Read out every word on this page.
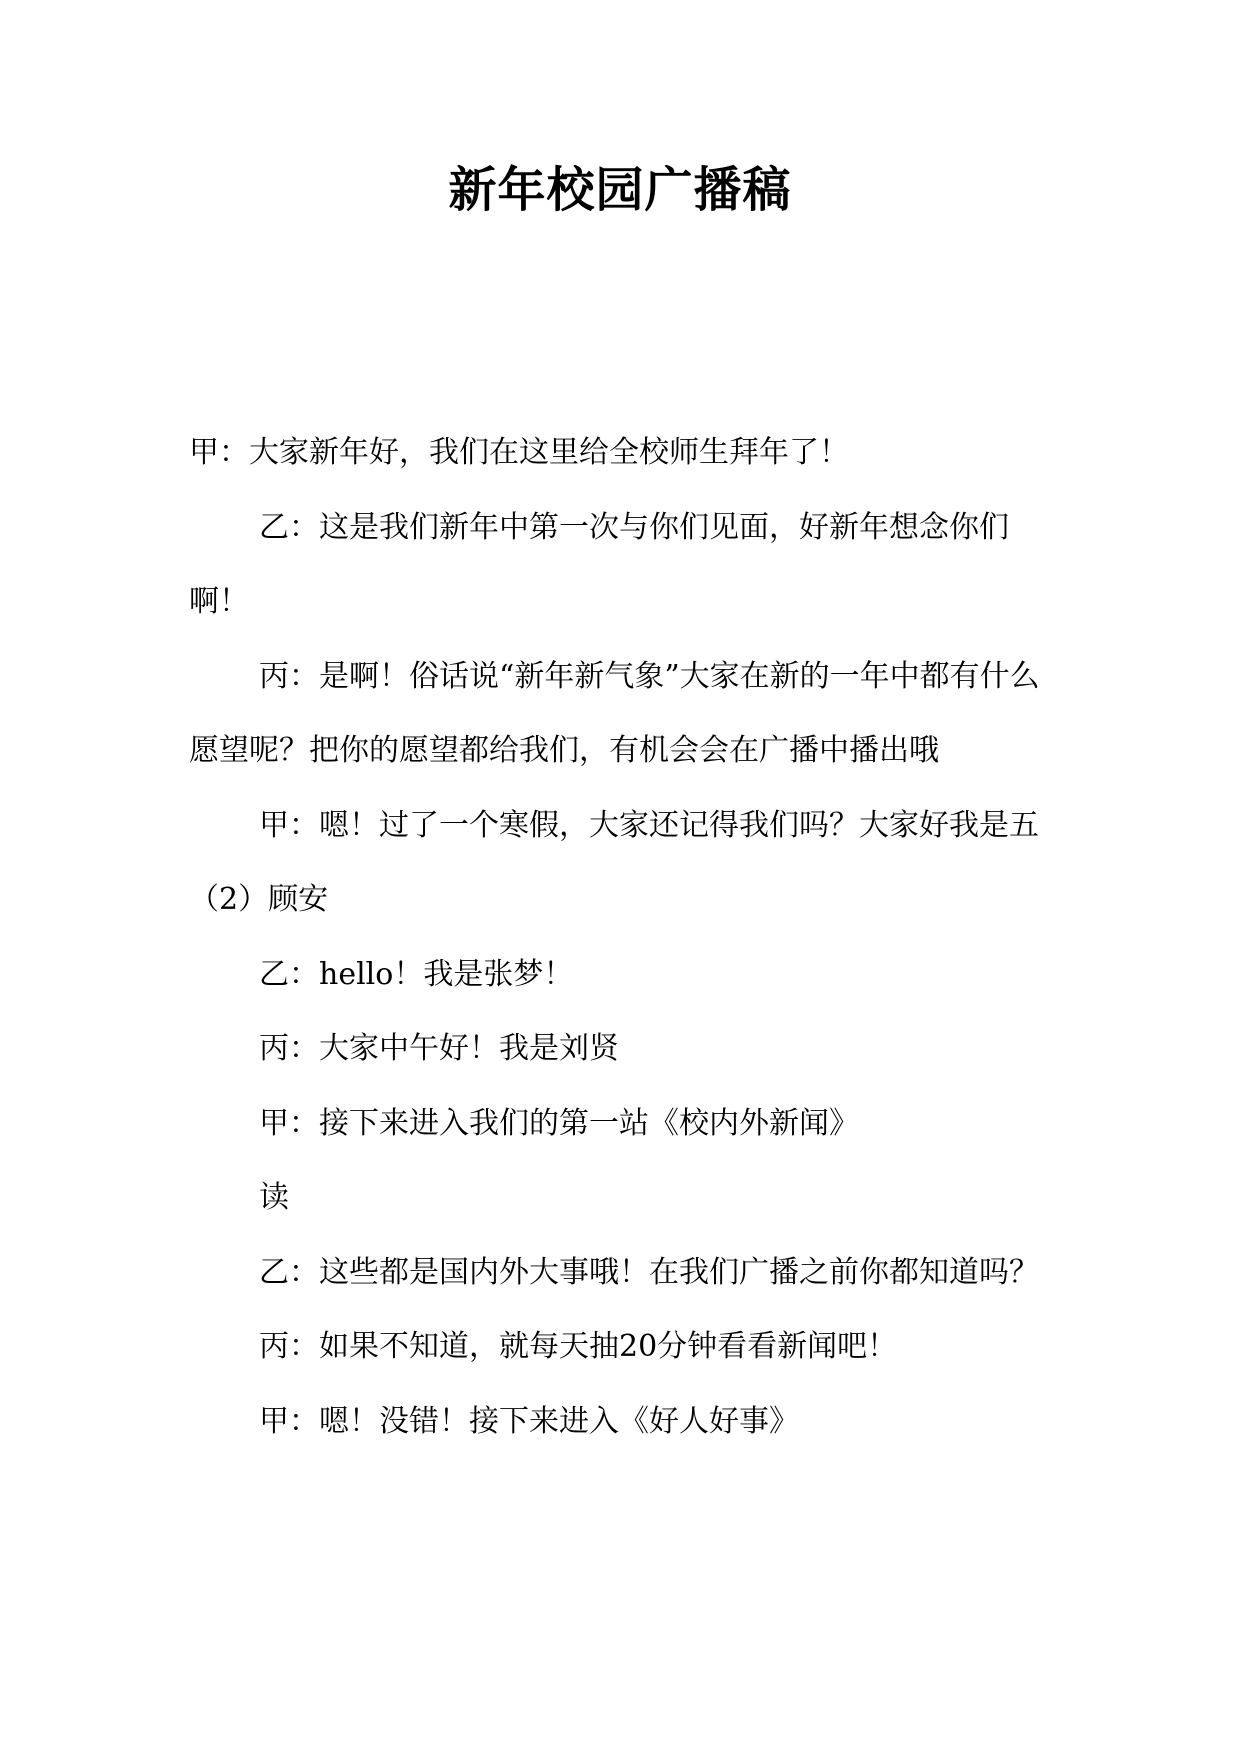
新年校园广播稿

甲：大家新年好，我们在这里给全校师生拜年了！

乙：这是我们新年中第一次与你们见面，好新年想念你们啊！

丙：是啊！俗话说“新年新气象”大家在新的一年中都有什么愿望呢？把你的愿望都给我们，有机会会在广播中播出哦

甲：嗯！过了一个寒假，大家还记得我们吗？大家好我是五（2）顾安

乙：hello！我是张梦！

丙：大家中午好！我是刘贤

甲：接下来进入我们的第一站《校内外新闻》

读

乙：这些都是国内外大事哦！在我们广播之前你都知道吗？

丙：如果不知道，就每天抽20分钟看看新闻吧！

甲：嗯！没错！接下来进入《好人好事》
